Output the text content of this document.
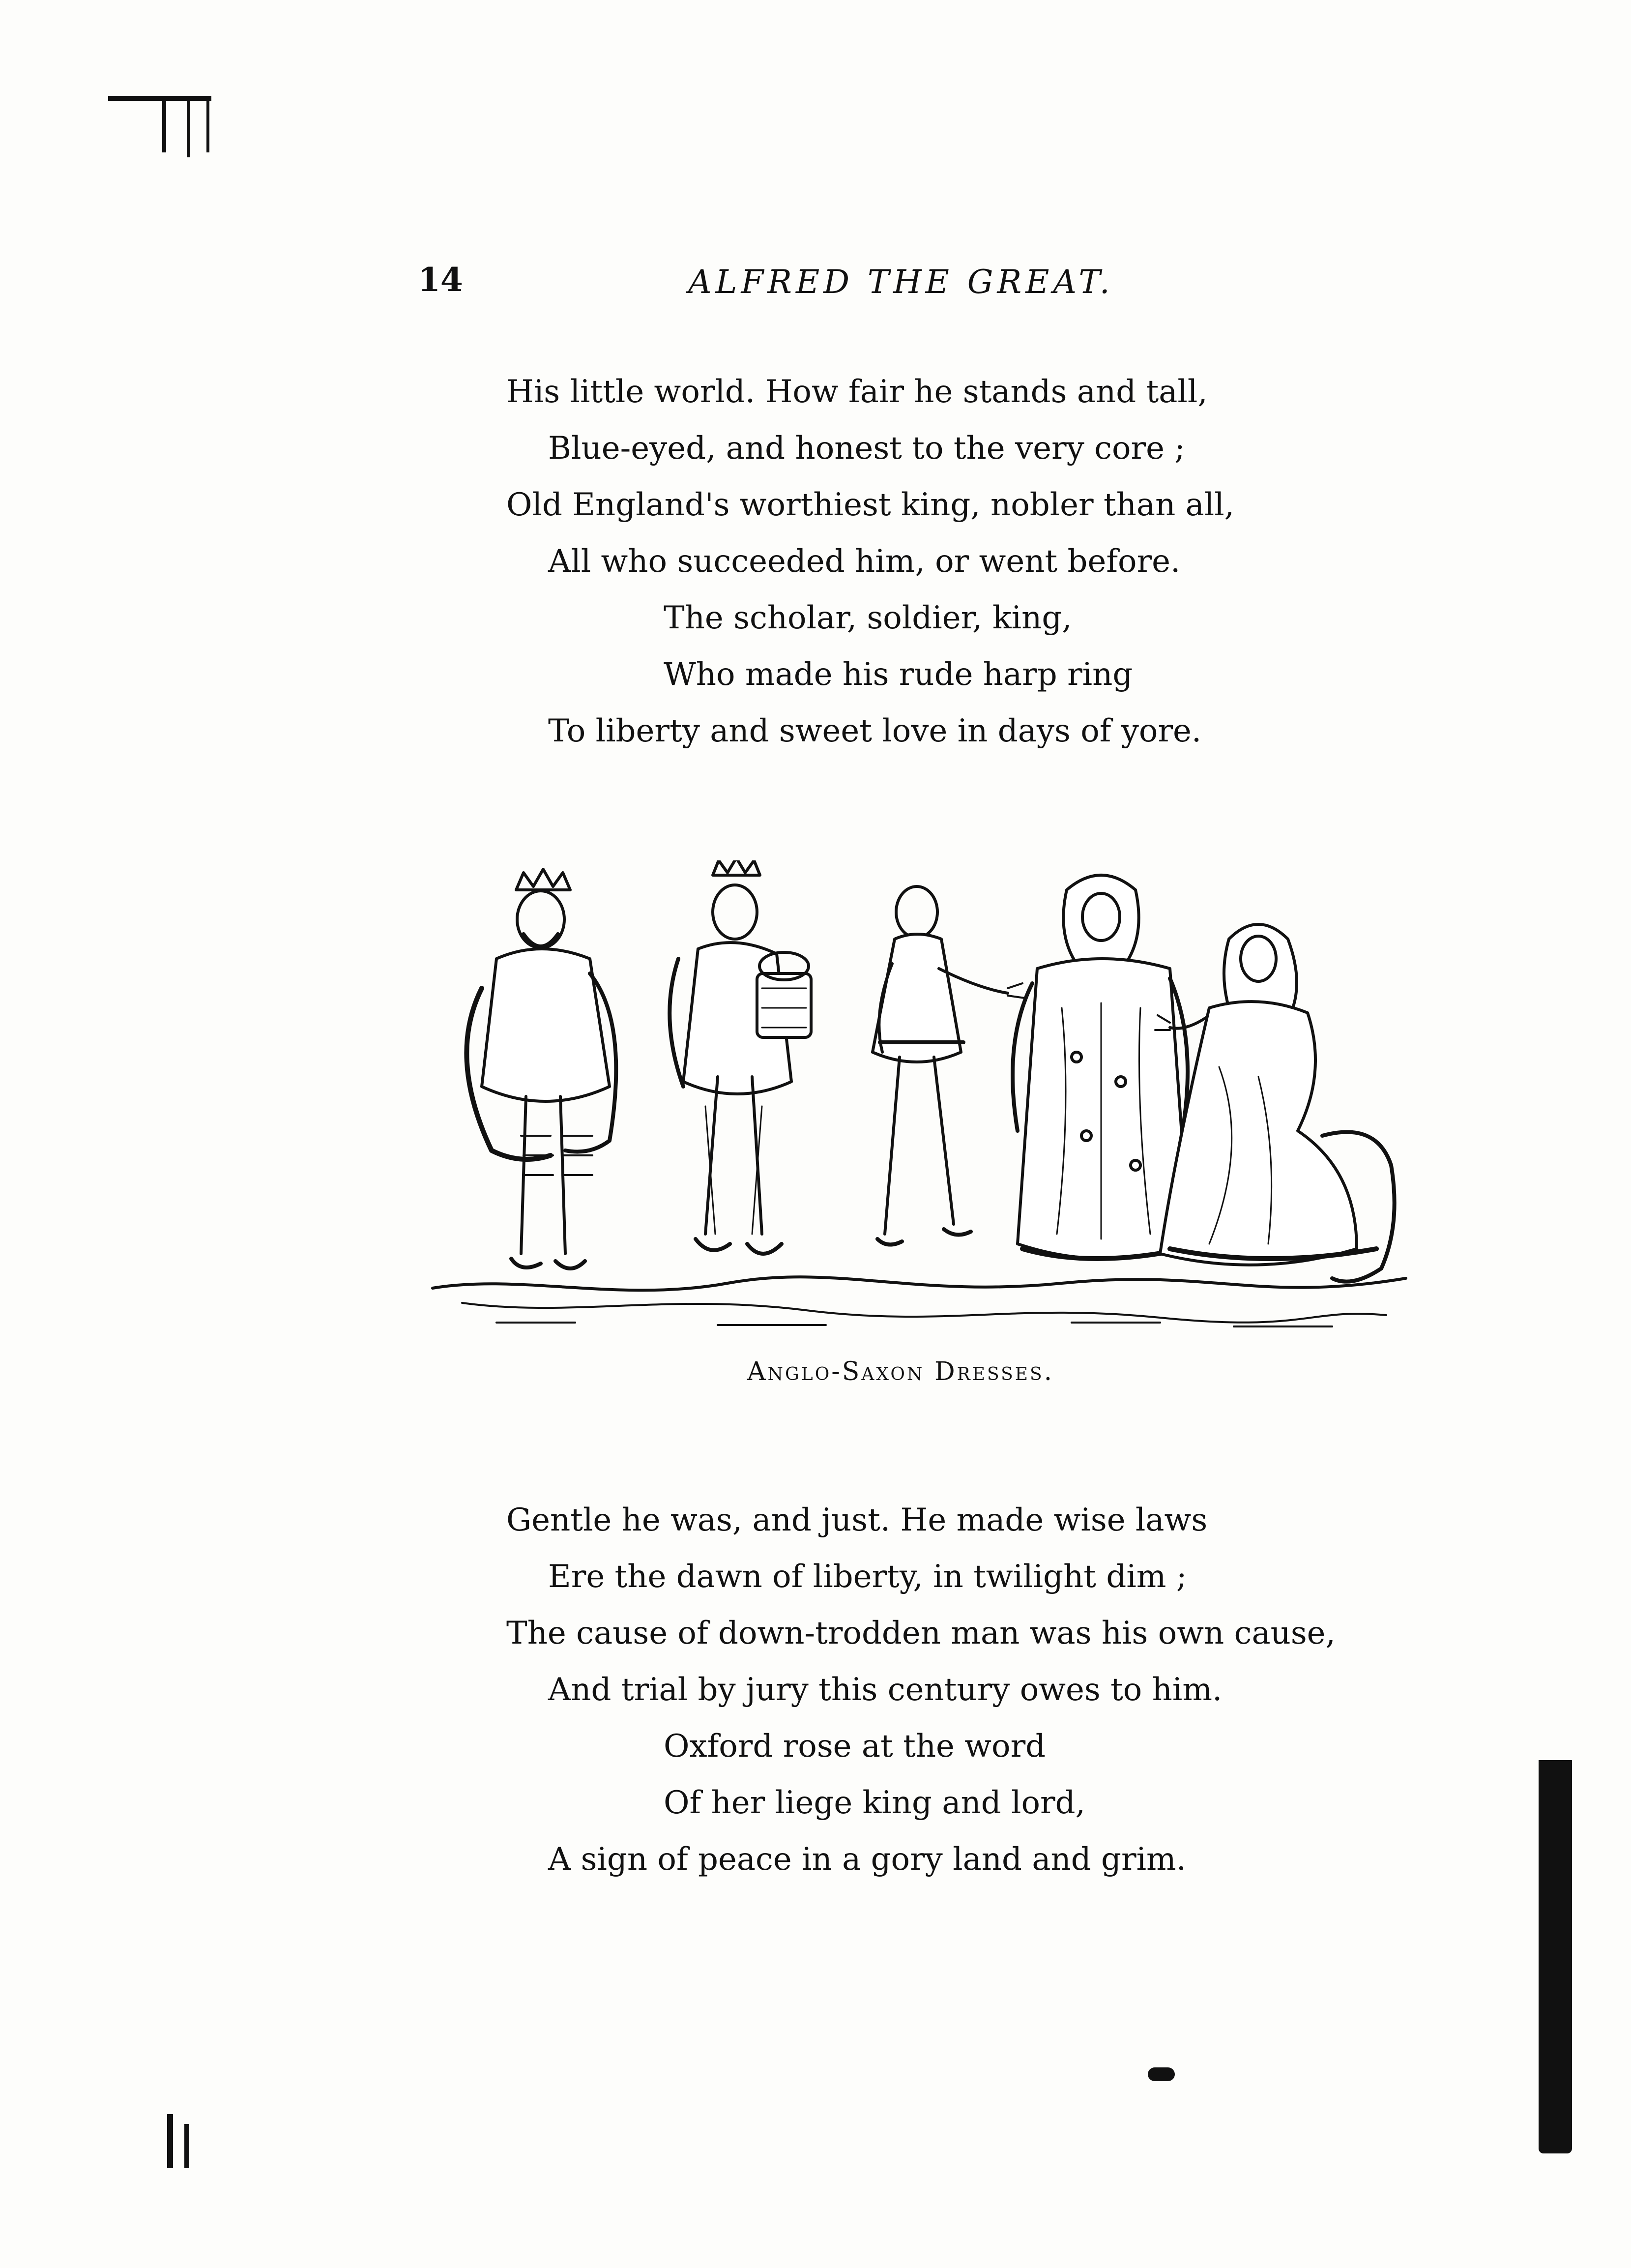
14	ALFRED THE GREAT.
His little world. How fair he stands and tall,
Blue-eyed, and honest to the very core ;
Old England's worthiest king, nobler than all,
All who succeeded him, or went before.
The scholar, soldier, king,
Who made his rude harp ring
To liberty and sweet love in days of yore.
Anglo-Saxon Dresses.
Gentle he was, and just. He made wise laws
Ere the dawn of liberty, in twilight dim ;
The cause of down-trodden man was his own cause,
And trial by jury this century owes to him.
Oxford rose at the word
Of her liege king and lord,
A sign of peace in a gory land and grim.
